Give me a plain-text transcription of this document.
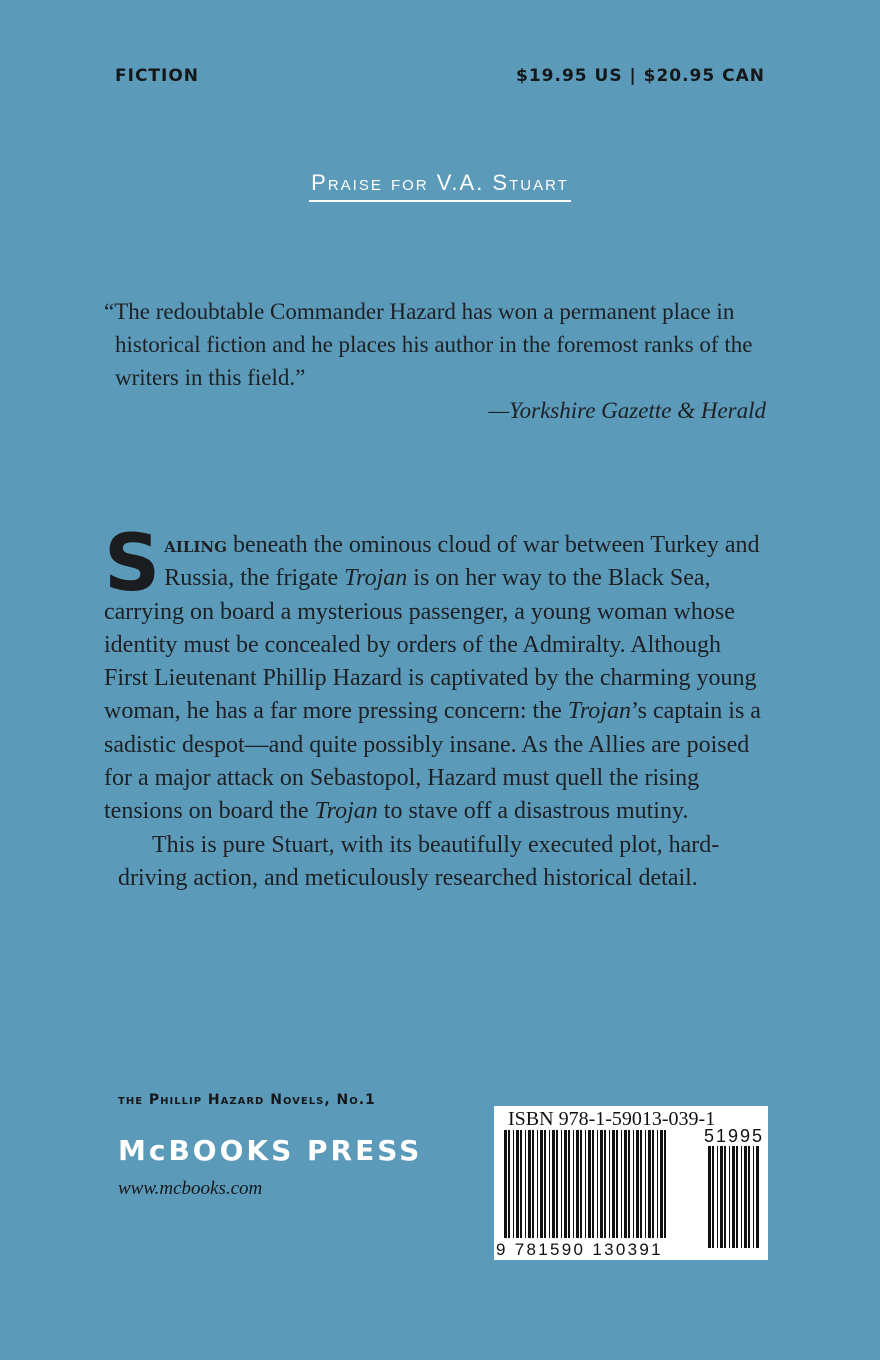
FICTION	$19.95 US | $20.95 CAN
Praise for V.A. Stuart
“The redoubtable Commander Hazard has won a permanent place in historical fiction and he places his author in the foremost ranks of the writers in this field.”
—Yorkshire Gazette & Herald

Sailing beneath the ominous cloud of war between Turkey and Russia, the frigate Trojan is on her way to the Black Sea, carrying on board a mysterious passenger, a young woman whose identity must be concealed by orders of the Admiralty. Although First Lieutenant Phillip Hazard is captivated by the charming young woman, he has a far more pressing concern: the Trojan’s captain is a sadistic despot—and quite possibly insane. As the Allies are poised for a major attack on Sebastopol, Hazard must quell the rising tensions on board the Trojan to stave off a disastrous mutiny.

This is pure Stuart, with its beautifully executed plot, hard-driving action, and meticulously researched historical detail.

the Phillip Hazard Novels, No.1
McBOOKS PRESS
www.mcbooks.com
ISBN 978-1-59013-039-1
51995
9 781590 130391
